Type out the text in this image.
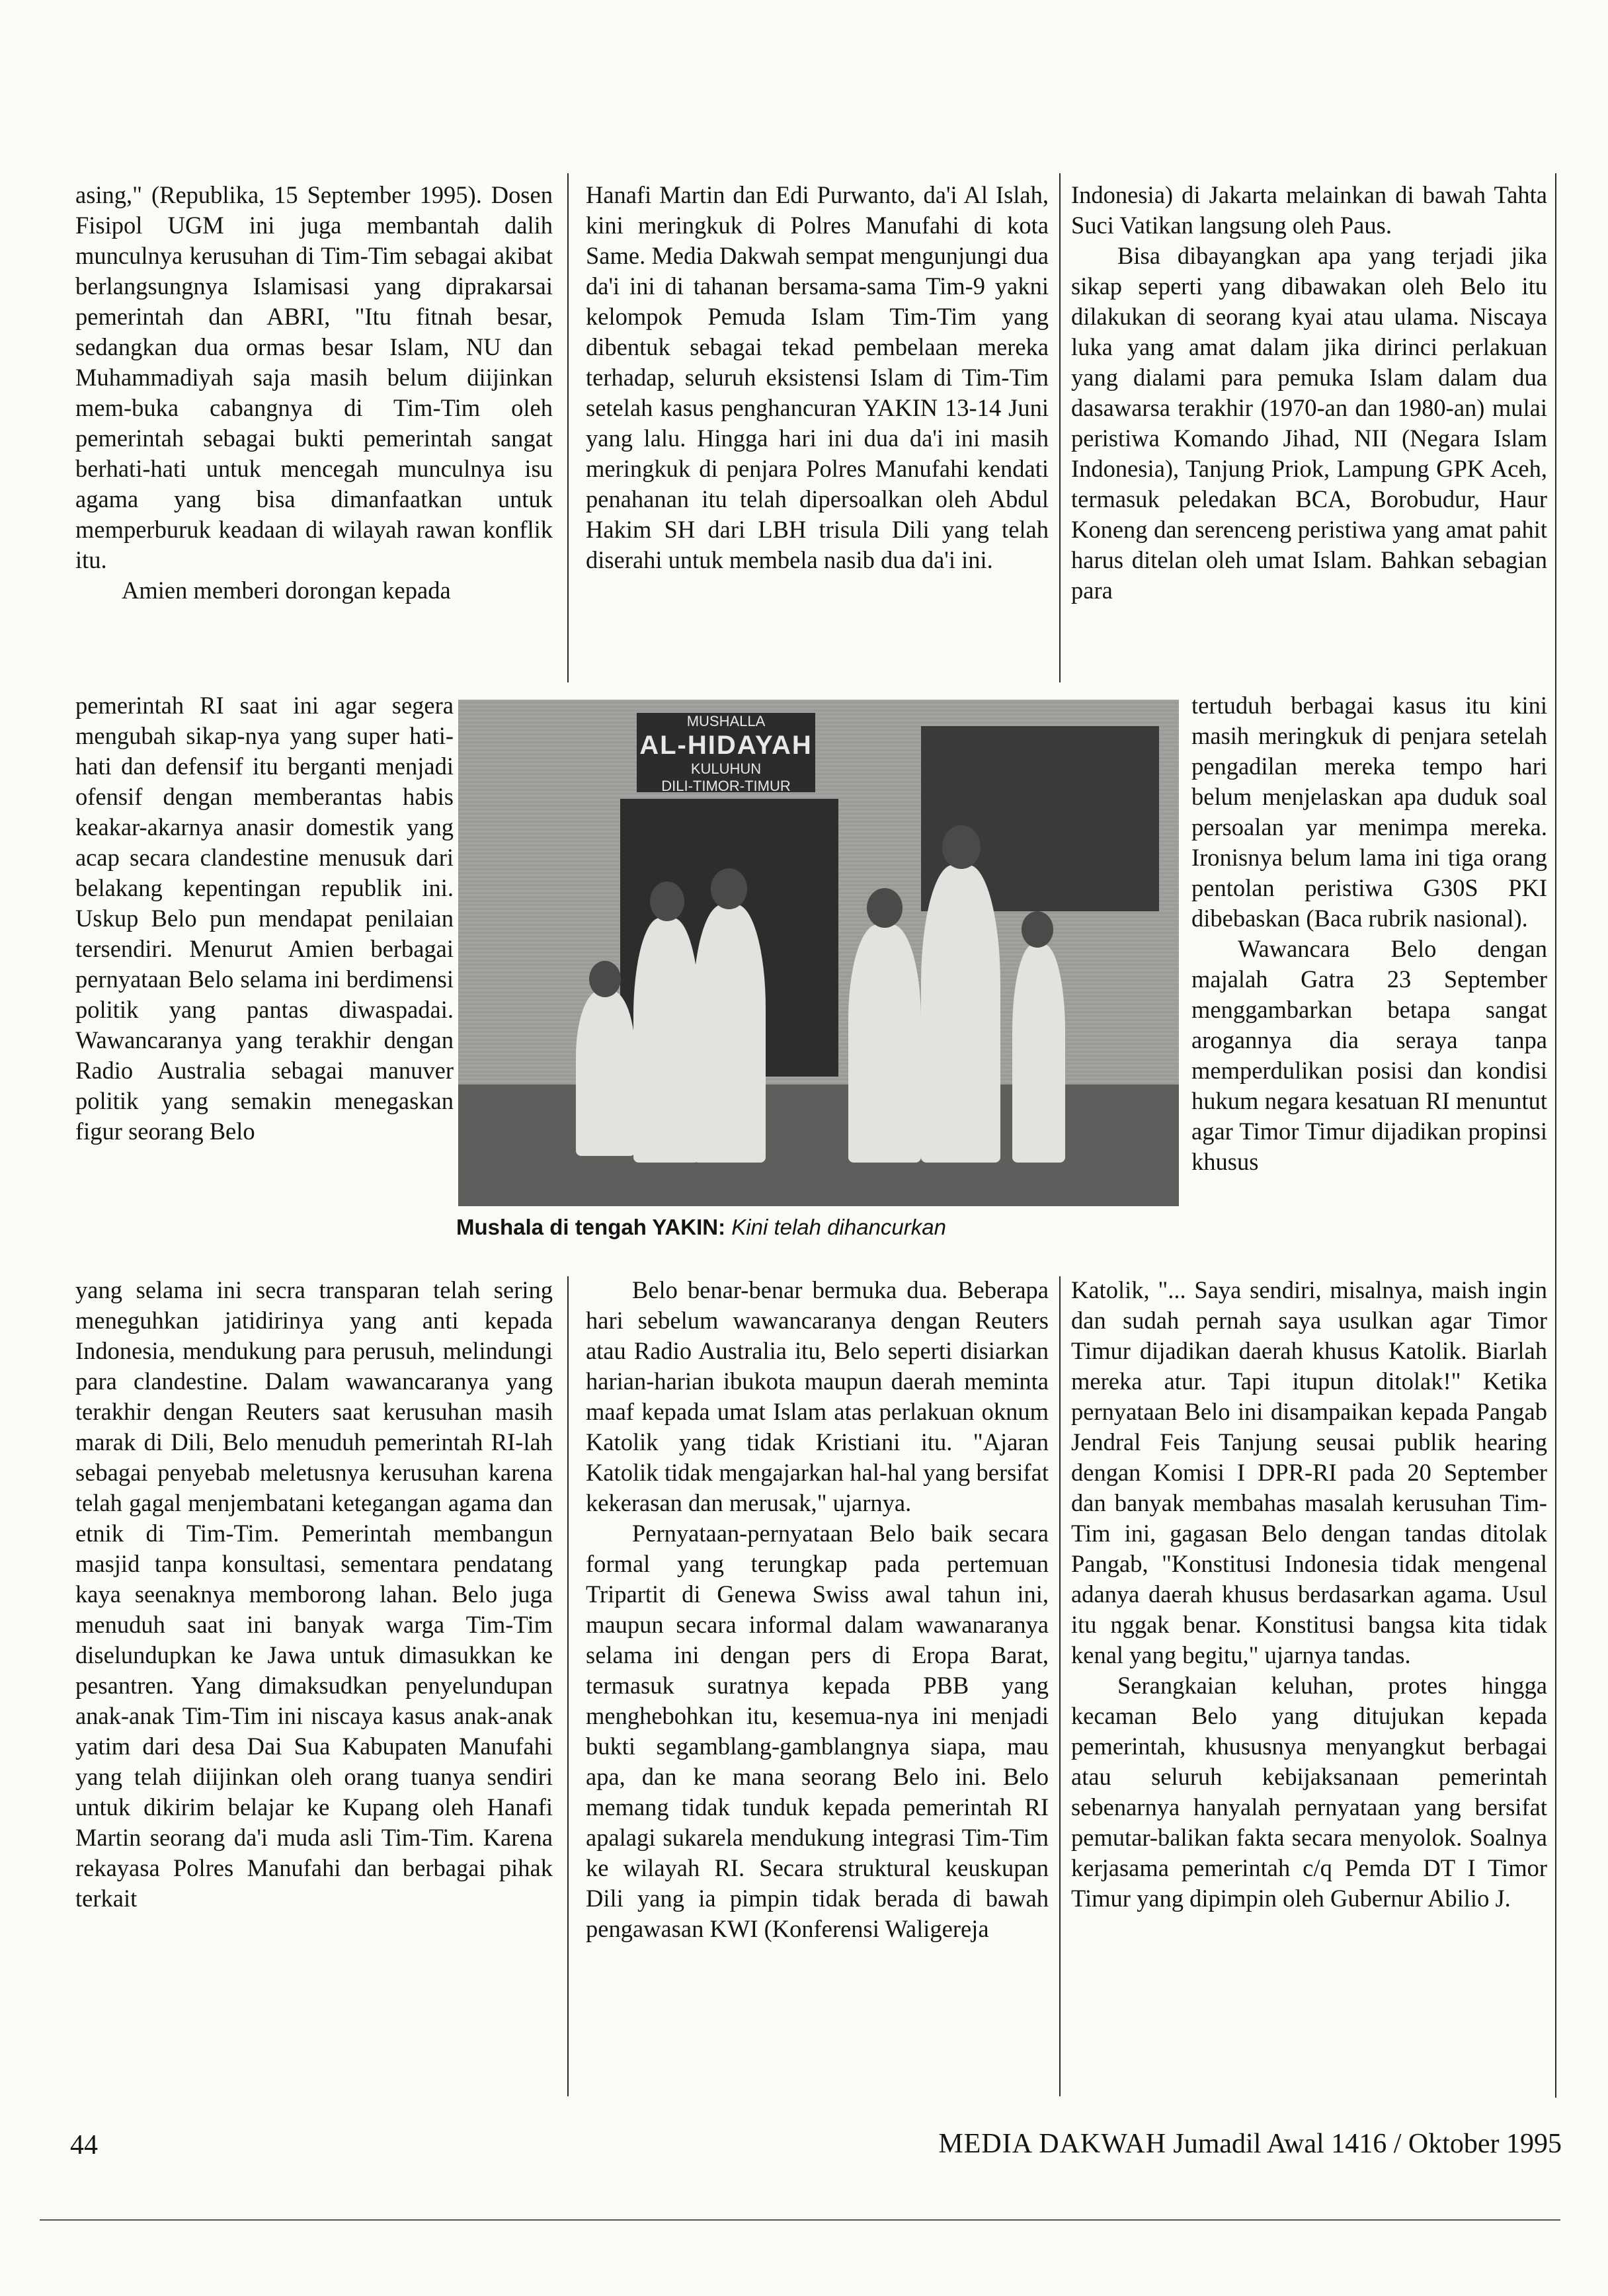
asing," (Republika, 15 September 1995). Dosen Fisipol UGM ini juga membantah dalih munculnya kerusuhan di Tim-Tim sebagai akibat berlangsungnya Islamisasi yang diprakarsai pemerintah dan ABRI, "Itu fitnah besar, sedangkan dua ormas besar Islam, NU dan Muhammadiyah saja masih belum diijinkan mem-buka cabangnya di Tim-Tim oleh pemerintah sebagai bukti pemerintah sangat berhati-hati untuk mencegah munculnya isu agama yang bisa dimanfaatkan untuk memperburuk keadaan di wilayah rawan konflik itu.

Amien memberi dorongan kepada

pemerintah RI saat ini agar segera mengubah sikap-nya yang super hati-hati dan defensif itu berganti menjadi ofensif dengan memberantas habis keakar-akarnya anasir domestik yang acap secara clandestine menusuk dari belakang kepentingan republik ini. Uskup Belo pun mendapat penilaian tersendiri. Menurut Amien berbagai pernyataan Belo selama ini berdimensi politik yang pantas diwaspadai. Wawancaranya yang terakhir dengan Radio Australia sebagai manuver politik yang semakin menegaskan figur seorang Belo

yang selama ini secra transparan telah sering meneguhkan jatidirinya yang anti kepada Indonesia, mendukung para perusuh, melindungi para clandestine. Dalam wawancaranya yang terakhir dengan Reuters saat kerusuhan masih marak di Dili, Belo menuduh pemerintah RI-lah sebagai penyebab meletusnya kerusuhan karena telah gagal menjembatani ketegangan agama dan etnik di Tim-Tim. Pemerintah membangun masjid tanpa konsultasi, sementara pendatang kaya seenaknya memborong lahan. Belo juga menuduh saat ini banyak warga Tim-Tim diselundupkan ke Jawa untuk dimasukkan ke pesantren. Yang dimaksudkan penyelundupan anak-anak Tim-Tim ini niscaya kasus anak-anak yatim dari desa Dai Sua Kabupaten Manufahi yang telah diijinkan oleh orang tuanya sendiri untuk dikirim belajar ke Kupang oleh Hanafi Martin seorang da'i muda asli Tim-Tim. Karena rekayasa Polres Manufahi dan berbagai pihak terkait

Hanafi Martin dan Edi Purwanto, da'i Al Islah, kini meringkuk di Polres Manufahi di kota Same. Media Dakwah sempat mengunjungi dua da'i ini di tahanan bersama-sama Tim-9 yakni kelompok Pemuda Islam Tim-Tim yang dibentuk sebagai tekad pembelaan mereka terhadap, seluruh eksistensi Islam di Tim-Tim setelah kasus penghancuran YAKIN 13-14 Juni yang lalu. Hingga hari ini dua da'i ini masih meringkuk di penjara Polres Manufahi kendati penahanan itu telah dipersoalkan oleh Abdul Hakim SH dari LBH trisula Dili yang telah diserahi untuk membela nasib dua da'i ini.

Belo benar-benar bermuka dua. Beberapa hari sebelum wawancaranya dengan Reuters atau Radio Australia itu, Belo seperti disiarkan harian-harian ibukota maupun daerah meminta maaf kepada umat Islam atas perlakuan oknum Katolik yang tidak Kristiani itu. "Ajaran Katolik tidak mengajarkan hal-hal yang bersifat kekerasan dan merusak," ujarnya.

Pernyataan-pernyataan Belo baik secara formal yang terungkap pada pertemuan Tripartit di Genewa Swiss awal tahun ini, maupun secara informal dalam wawanaranya selama ini dengan pers di Eropa Barat, termasuk suratnya kepada PBB yang menghebohkan itu, kesemua-nya ini menjadi bukti segamblang-gamblangnya siapa, mau apa, dan ke mana seorang Belo ini. Belo memang tidak tunduk kepada pemerintah RI apalagi sukarela mendukung integrasi Tim-Tim ke wilayah RI. Secara struktural keuskupan Dili yang ia pimpin tidak berada di bawah pengawasan KWI (Konferensi Waligereja

Indonesia) di Jakarta melainkan di bawah Tahta Suci Vatikan langsung oleh Paus.

Bisa dibayangkan apa yang terjadi jika sikap seperti yang dibawakan oleh Belo itu dilakukan di seorang kyai atau ulama. Niscaya luka yang amat dalam jika dirinci perlakuan yang dialami para pemuka Islam dalam dua dasawarsa terakhir (1970-an dan 1980-an) mulai peristiwa Komando Jihad, NII (Negara Islam Indonesia), Tanjung Priok, Lampung GPK Aceh, termasuk peledakan BCA, Borobudur, Haur Koneng dan serenceng peristiwa yang amat pahit harus ditelan oleh umat Islam. Bahkan sebagian para

tertuduh berbagai kasus itu kini masih meringkuk di penjara setelah pengadilan mereka tempo hari belum menjelaskan apa duduk soal persoalan yar menimpa mereka. Ironisnya belum lama ini tiga orang pentolan peristiwa G30S PKI dibebaskan (Baca rubrik nasional).

Wawancara Belo dengan majalah Gatra 23 September menggambarkan betapa sangat arogannya dia seraya tanpa memperdulikan posisi dan kondisi hukum negara kesatuan RI menuntut agar Timor Timur dijadikan propinsi khusus

Katolik, "... Saya sendiri, misalnya, maish ingin dan sudah pernah saya usulkan agar Timor Timur dijadikan daerah khusus Katolik. Biarlah mereka atur. Tapi itupun ditolak!" Ketika pernyataan Belo ini disampaikan kepada Pangab Jendral Feis Tanjung seusai publik hearing dengan Komisi I DPR-RI pada 20 September dan banyak membahas masalah kerusuhan Tim-Tim ini, gagasan Belo dengan tandas ditolak Pangab, "Konstitusi Indonesia tidak mengenal adanya daerah khusus berdasarkan agama. Usul itu nggak benar. Konstitusi bangsa kita tidak kenal yang begitu," ujarnya tandas.

Serangkaian keluhan, protes hingga kecaman Belo yang ditujukan kepada pemerintah, khususnya menyangkut berbagai atau seluruh kebijaksanaan pemerintah sebenarnya hanyalah pernyataan yang bersifat pemutar-balikan fakta secara menyolok. Soalnya kerjasama pemerintah c/q Pemda DT I Timor Timur yang dipimpin oleh Gubernur Abilio J.

MUSHALLA
AL-HIDAYAH
KULUHUN
DILI-TIMOR-TIMUR
Mushala di tengah YAKIN: Kini telah dihancurkan
44	MEDIA DAKWAH Jumadil Awal 1416 / Oktober 1995
